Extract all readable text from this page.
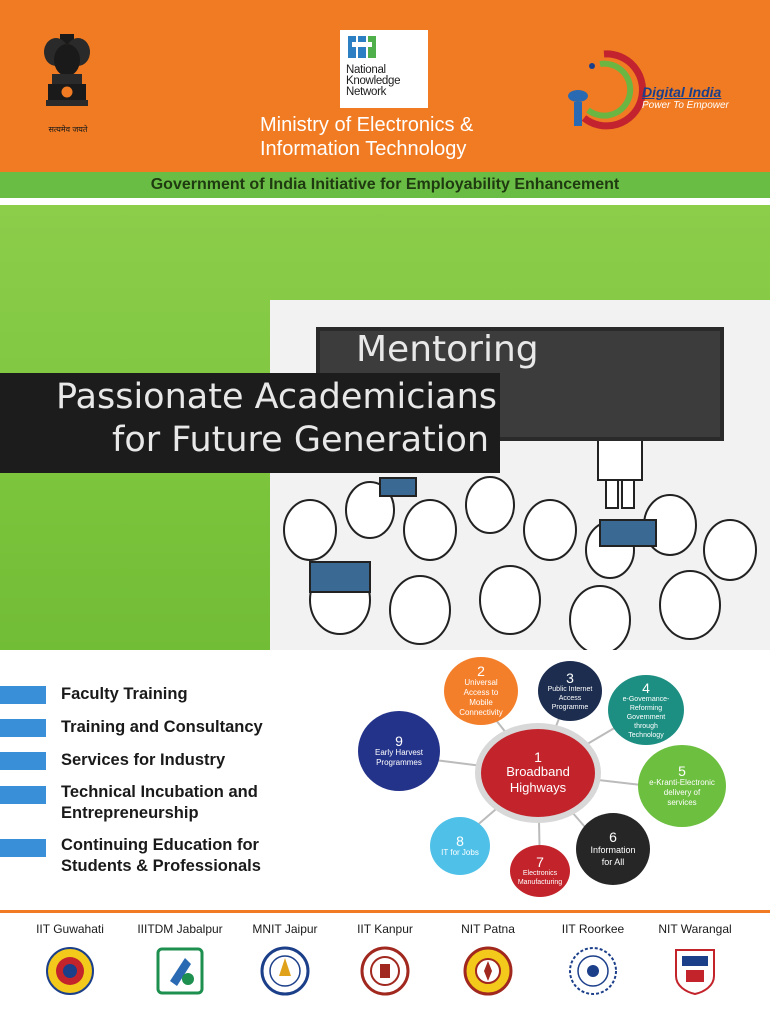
सत्यमेव जयते
National
Knowledge
Network
Ministry of Electronics &
Information Technology
Digital India
Power To Empower
Government of India Initiative for Employability Enhancement
Mentoring
Passionate Academicians
for Future Generation
Faculty Training
Training and Consultancy
Services for Industry
Technical Incubation and Entrepreneurship
Continuing Education for Students & Professionals
1
Broadband Highways
2
Universal Access to Mobile Connectivity
3
Public Internet Access Programme
4
e-Governance-Reforming Government through Technology
5
e-Kranti-Electronic delivery of services
6
Information for All
7
Electronics Manufacturing
8
IT for Jobs
9
Early Harvest Programmes
IIT Guwahati	IIITDM Jabalpur	MNIT Jaipur	IIT Kanpur	NIT Patna	IIT Roorkee	NIT Warangal
